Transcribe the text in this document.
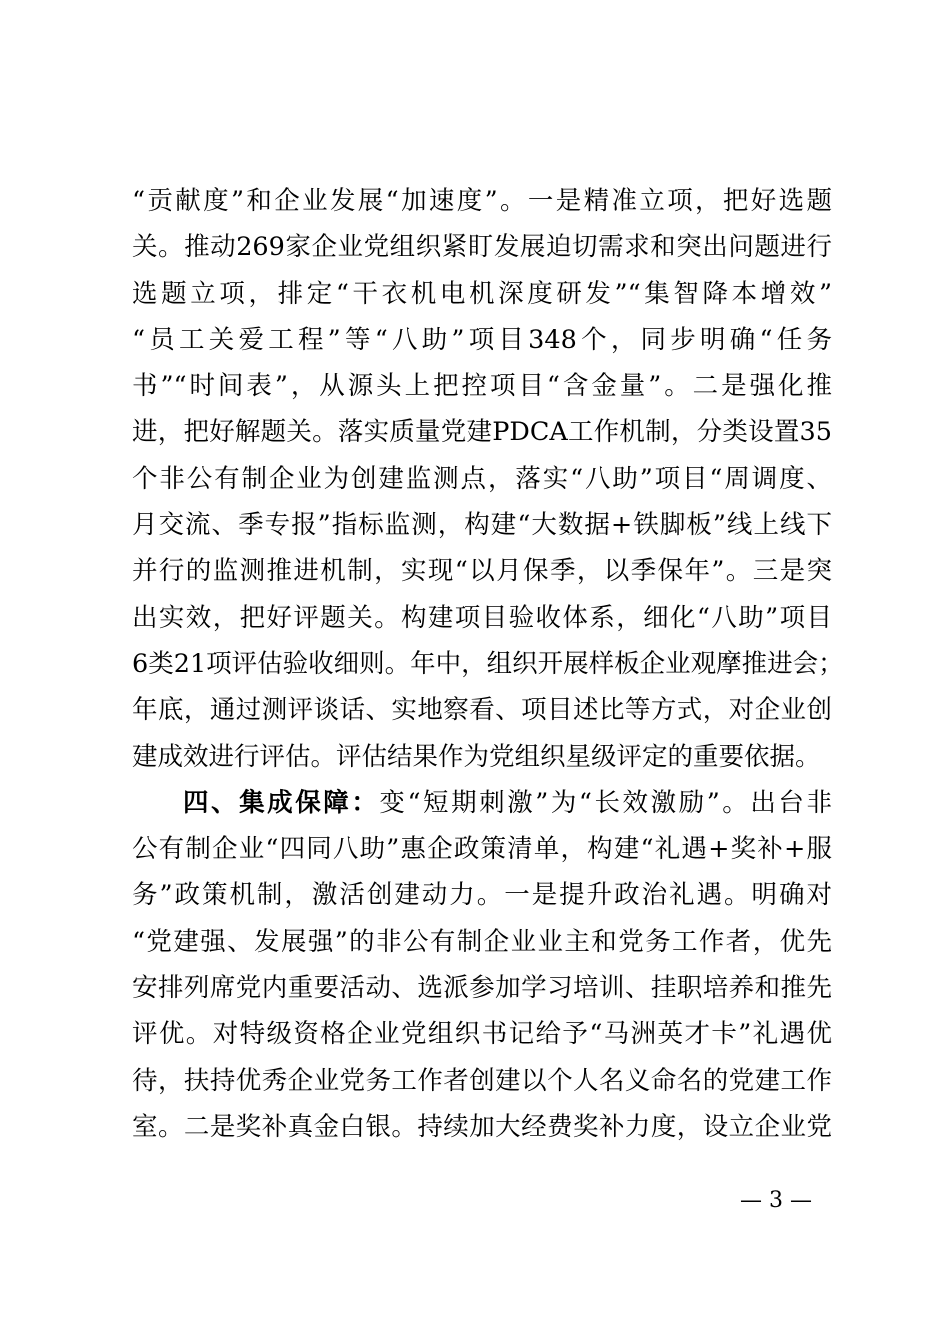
“贡献度”和企业发展“加速度”。一是精准立项，把好选题
关。推动269家企业党组织紧盯发展迫切需求和突出问题进行
选题立项，排定“干衣机电机深度研发”“集智降本增效”
“员工关爱工程”等“八助”项目348个，同步明确“任务
书”“时间表”，从源头上把控项目“含金量”。二是强化推
进，把好解题关。落实质量党建PDCA工作机制，分类设置35
个非公有制企业为创建监测点，落实“八助”项目“周调度、
月交流、季专报”指标监测，构建“大数据+铁脚板”线上线下
并行的监测推进机制，实现“以月保季，以季保年”。三是突
出实效，把好评题关。构建项目验收体系，细化“八助”项目
6类21项评估验收细则。年中，组织开展样板企业观摩推进会；
年底，通过测评谈话、实地察看、项目述比等方式，对企业创
建成效进行评估。评估结果作为党组织星级评定的重要依据。
四、集成保障：变“短期刺激”为“长效激励”。出台非
公有制企业“四同八助”惠企政策清单，构建“礼遇+奖补+服
务”政策机制，激活创建动力。一是提升政治礼遇。明确对
“党建强、发展强”的非公有制企业业主和党务工作者，优先
安排列席党内重要活动、选派参加学习培训、挂职培养和推先
评优。对特级资格企业党组织书记给予“马洲英才卡”礼遇优
待，扶持优秀企业党务工作者创建以个人名义命名的党建工作
室。二是奖补真金白银。持续加大经费奖补力度，设立企业党
— 3 —
